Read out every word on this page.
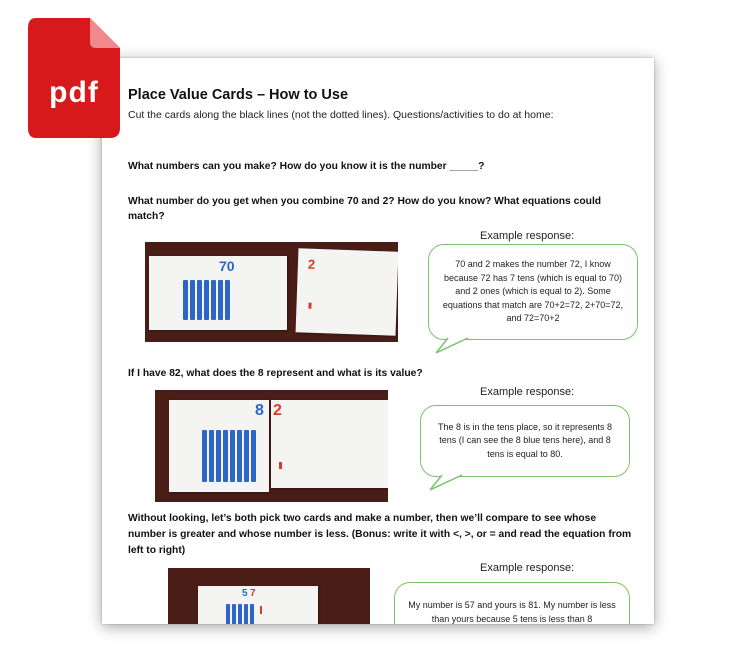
pdf	Place Value Cards – How to Use
Cut the cards along the black lines (not the dotted lines). Questions/activities to do at home:
What numbers can you make? How do you know it is the number _____?
What number do you get when you combine 70 and 2? How do you know? What equations could match?
70	2
Example response:
70 and 2 makes the number 72, I know because 72 has 7 tens (which is equal to 70) and 2 ones (which is equal to 2). Some equations that match are 70+2=72, 2+70=72, and 72=70+2
If I have 82, what does the 8 represent and what is its value?
8 2
Example response:
The 8 is in the tens place, so it represents 8 tens (I can see the 8 blue tens here), and 8 tens is equal to 80.
Without looking, let’s both pick two cards and make a number, then we’ll compare to see whose number is greater and whose number is less. (Bonus: write it with <, >, or = and read the equation from left to right)
5 7
Example response:
My number is 57 and yours is 81. My number is less than yours because 5 tens is less than 8
